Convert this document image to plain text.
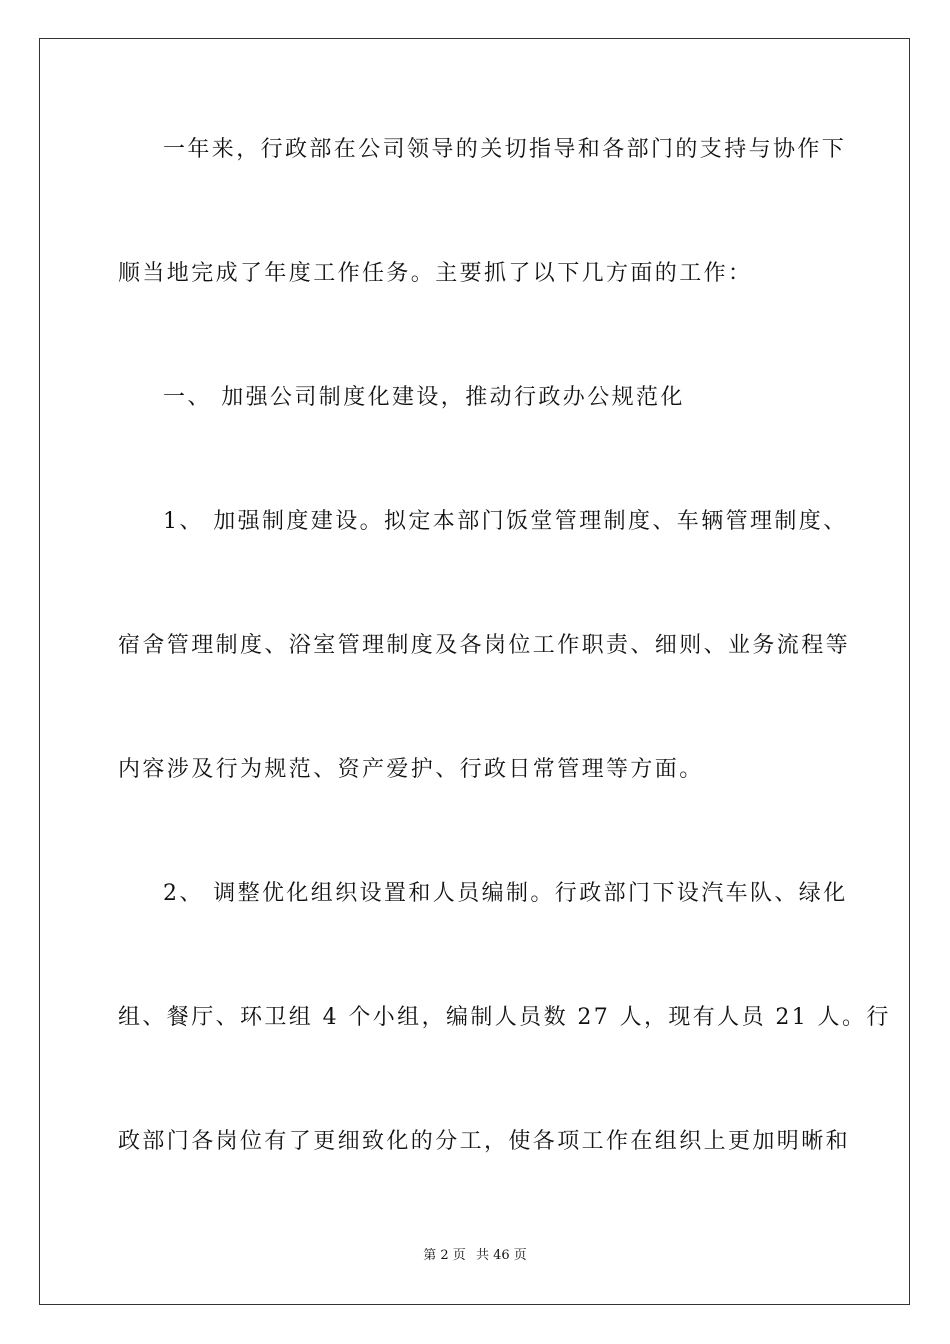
一年来，行政部在公司领导的关切指导和各部门的支持与协作下
顺当地完成了年度工作任务。主要抓了以下几方面的工作：
一、 加强公司制度化建设，推动行政办公规范化
1、 加强制度建设。拟定本部门饭堂管理制度、车辆管理制度、
宿舍管理制度、浴室管理制度及各岗位工作职责、细则、业务流程等
内容涉及行为规范、资产爱护、行政日常管理等方面。
2、 调整优化组织设置和人员编制。行政部门下设汽车队、绿化
组、餐厅、环卫组 4 个小组，编制人员数 27 人，现有人员 21 人。行
政部门各岗位有了更细致化的分工，使各项工作在组织上更加明晰和
第 2 页 共 46 页
